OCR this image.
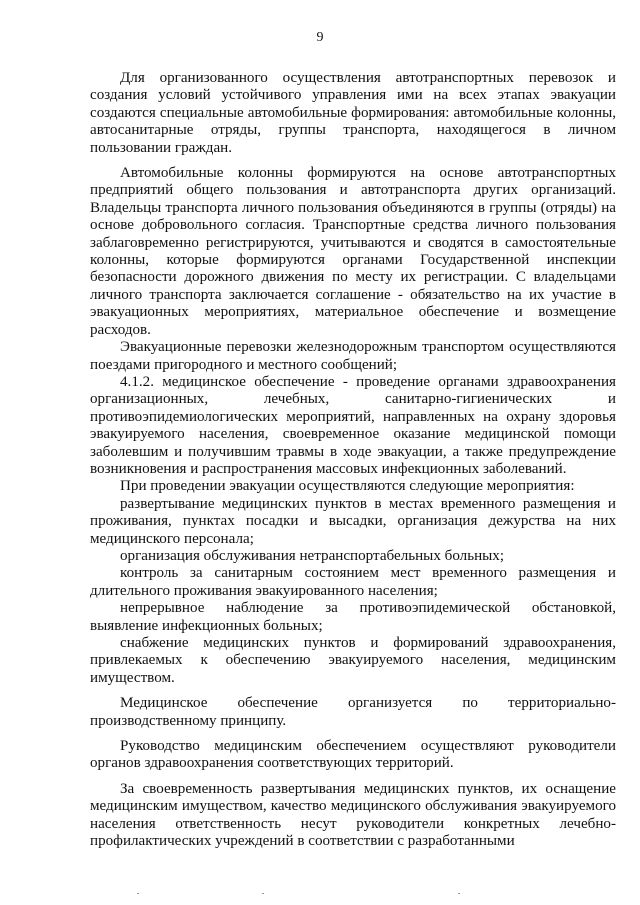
9

Для организованного осуществления автотранспортных перевозок и создания условий устойчивого управления ими на всех этапах эвакуации создаются специальные автомобильные формирования: автомобильные колонны, автосанитарные отряды, группы транспорта, находящегося в личном пользовании граждан.

Автомобильные колонны формируются на основе автотранспортных предприятий общего пользования и автотранспорта других организаций. Владельцы транспорта личного пользования объединяются в группы (отряды) на основе добровольного согласия. Транспортные средства личного пользования заблаговременно регистрируются, учитываются и сводятся в самостоятельные колонны, которые формируются органами Государственной инспекции безопасности дорожного движения по месту их регистрации. С владельцами личного транспорта заключается соглашение - обязательство на их участие в эвакуационных мероприятиях, материальное обеспечение и возмещение расходов.

Эвакуационные перевозки железнодорожным транспортом осуществляются поездами пригородного и местного сообщений;

4.1.2. медицинское обеспечение - проведение органами здравоохранения организационных, лечебных, санитарно-гигиенических и противоэпидемиологических мероприятий, направленных на охрану здоровья эвакуируемого населения, своевременное оказание медицинской помощи заболевшим и получившим травмы в ходе эвакуации, а также предупреждение возникновения и распространения массовых инфекционных заболеваний.

При проведении эвакуации осуществляются следующие мероприятия:

развертывание медицинских пунктов в местах временного размещения и проживания, пунктах посадки и высадки, организация дежурства на них медицинского персонала;

организация обслуживания нетранспортабельных больных;

контроль за санитарным состоянием мест временного размещения и длительного проживания эвакуированного населения;

непрерывное наблюдение за противоэпидемической обстановкой, выявление инфекционных больных;

снабжение медицинских пунктов и формирований здравоохранения, привлекаемых к обеспечению эвакуируемого населения, медицинским имуществом.

Медицинское обеспечение организуется по территориально-производственному принципу.

Руководство медицинским обеспечением осуществляют руководители органов здравоохранения соответствующих территорий.

За своевременность развертывания медицинских пунктов, их оснащение медицинским имуществом, качество медицинского обслуживания эвакуируемого населения ответственность несут руководители конкретных лечебно-профилактических учреждений в соответствии с разработанными
